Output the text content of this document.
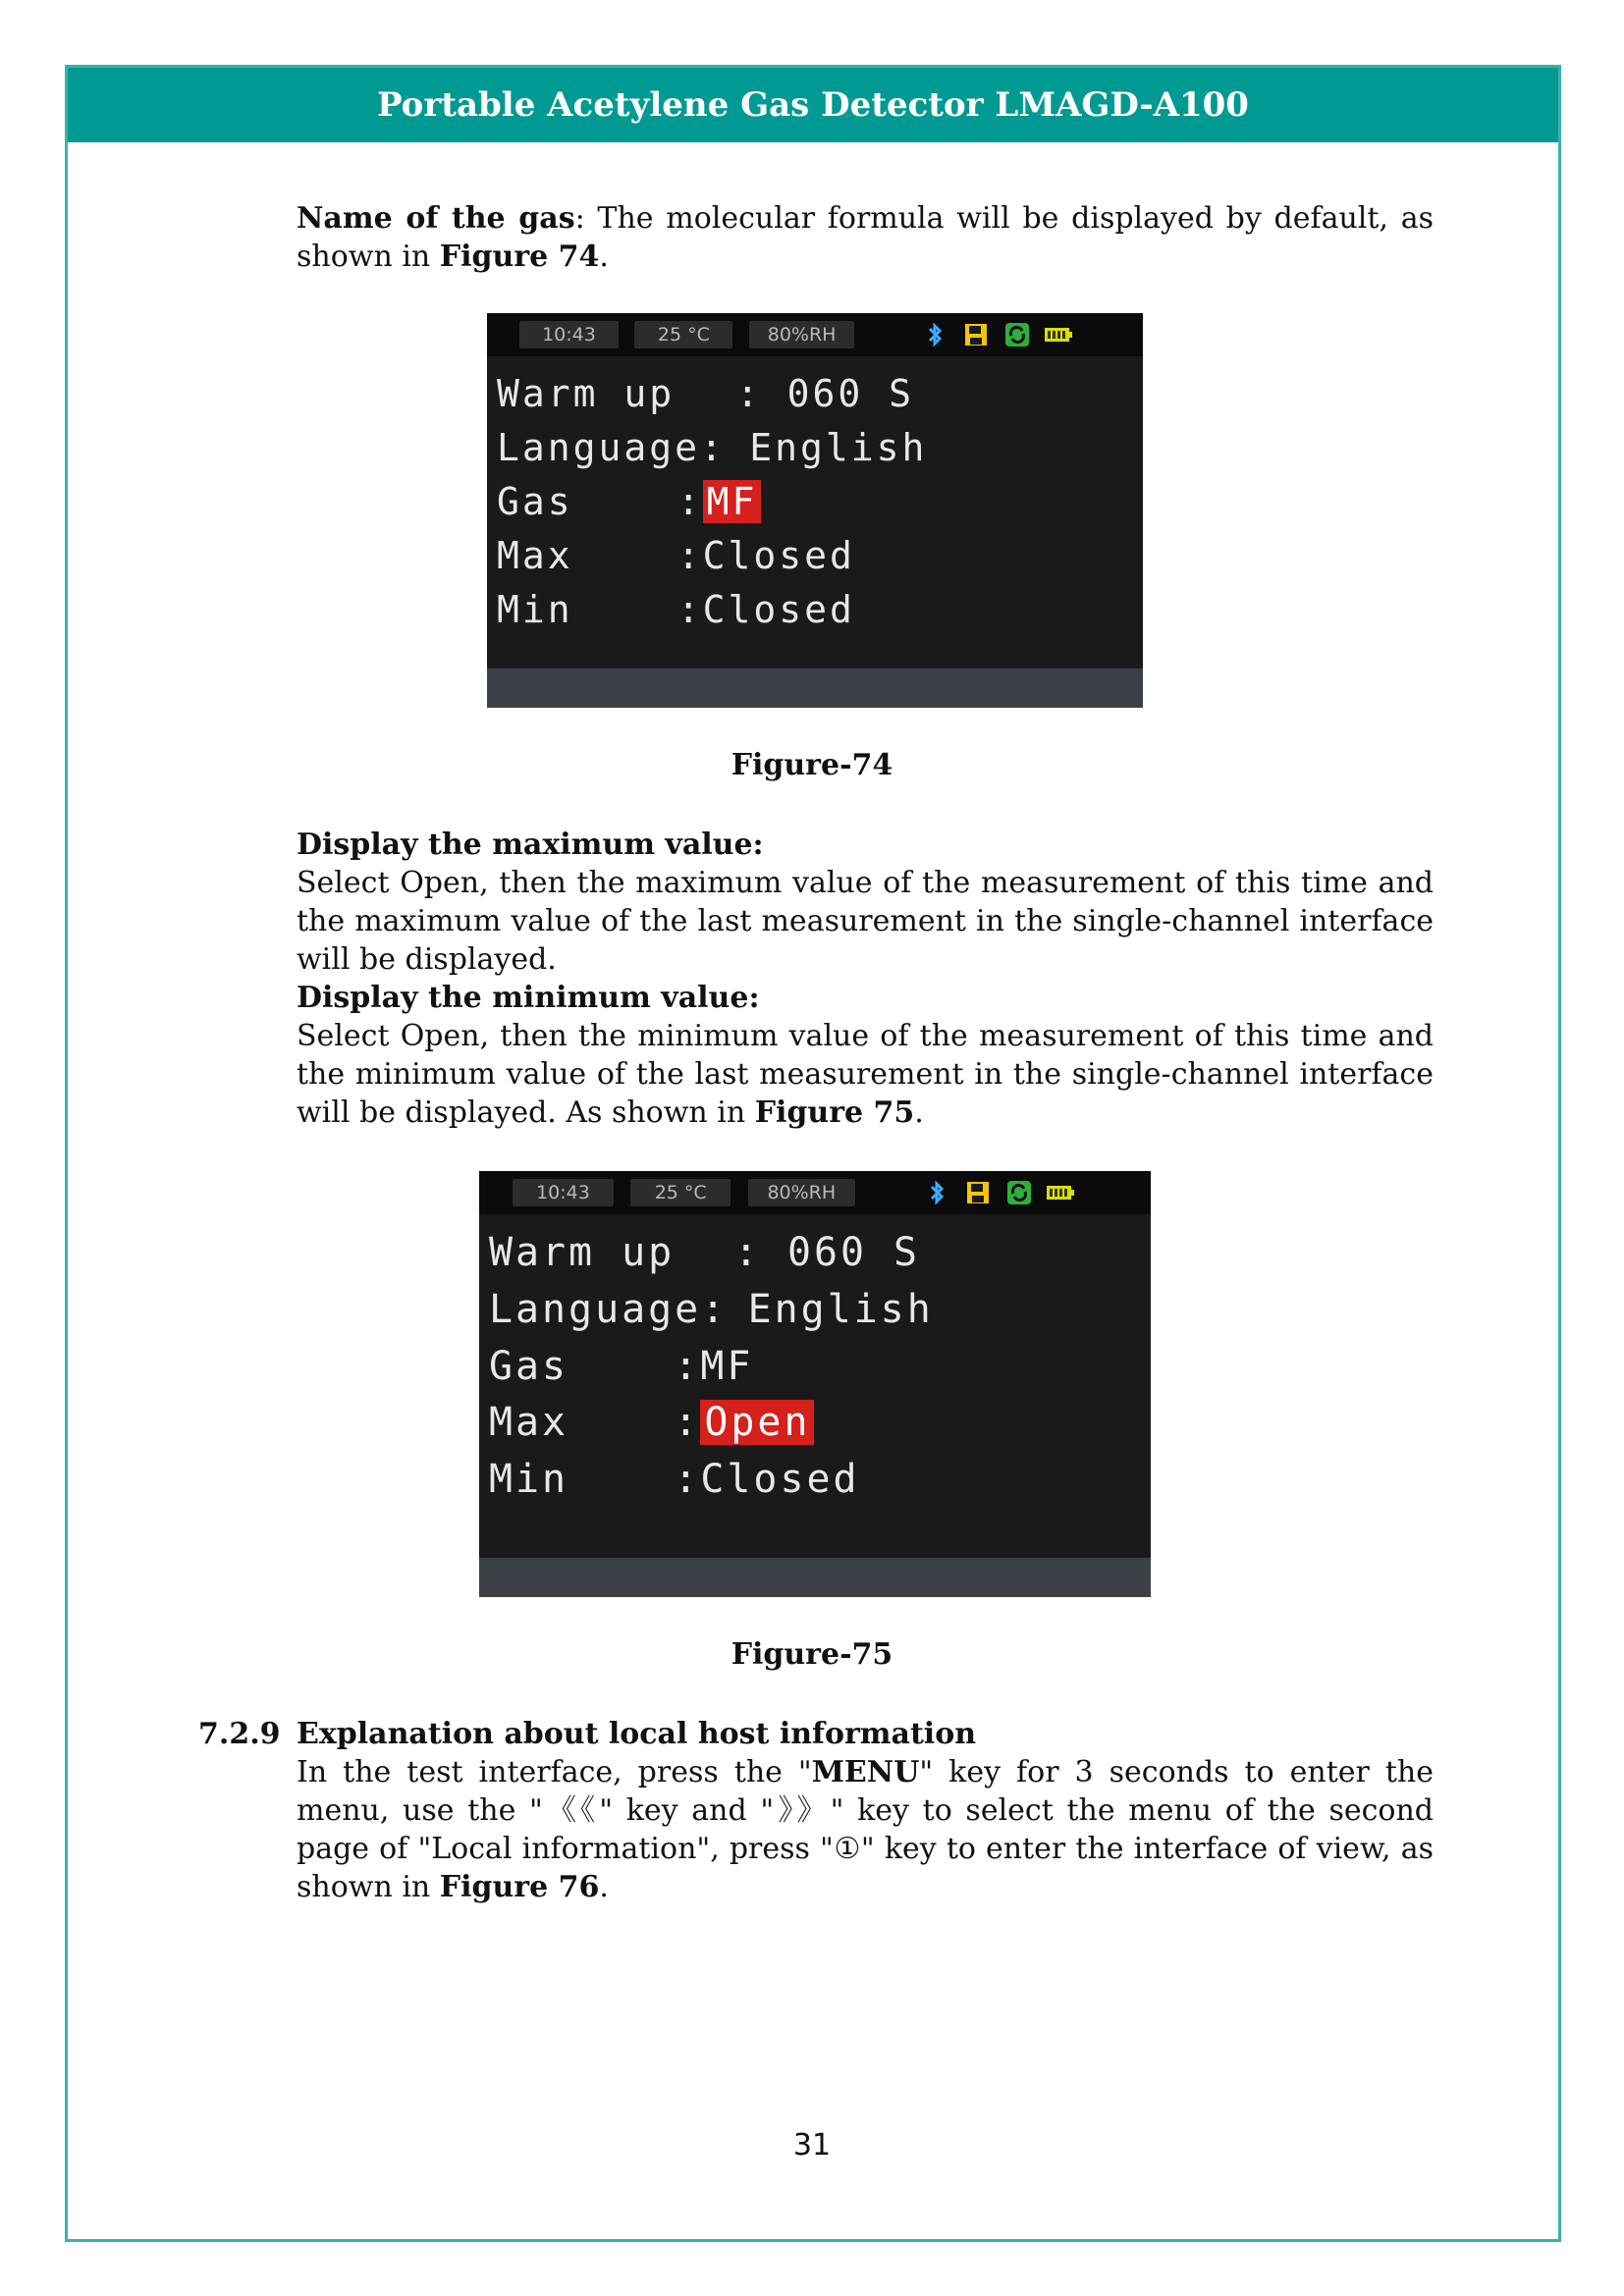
Portable Acetylene Gas Detector LMAGD-A100

Name of the gas: The molecular formula will be displayed by default, as shown in Figure 74.

10:43	25 °C	80%RH
Warm up : 060 S
Language: English
Gas	: MF
Max	:Closed
Min	:Closed
Figure-74
Display the maximum value:

Select Open, then the maximum value of the measurement of this time and the maximum value of the last measurement in the single-channel interface will be displayed.

Display the minimum value:

Select Open, then the minimum value of the measurement of this time and the minimum value of the last measurement in the single-channel interface will be displayed. As shown in Figure 75.

10:43	25 °C	80%RH
Warm up : 060 S
Language: English
Gas	:MF
Max	: Open
Min	:Closed
Figure-75
7.2.9 Explanation about local host information

In the test interface, press the "MENU" key for 3 seconds to enter the menu, use the "《《" key and "》》" key to select the menu of the second page of "Local information", press "①" key to enter the interface of view, as shown in Figure 76.

31
